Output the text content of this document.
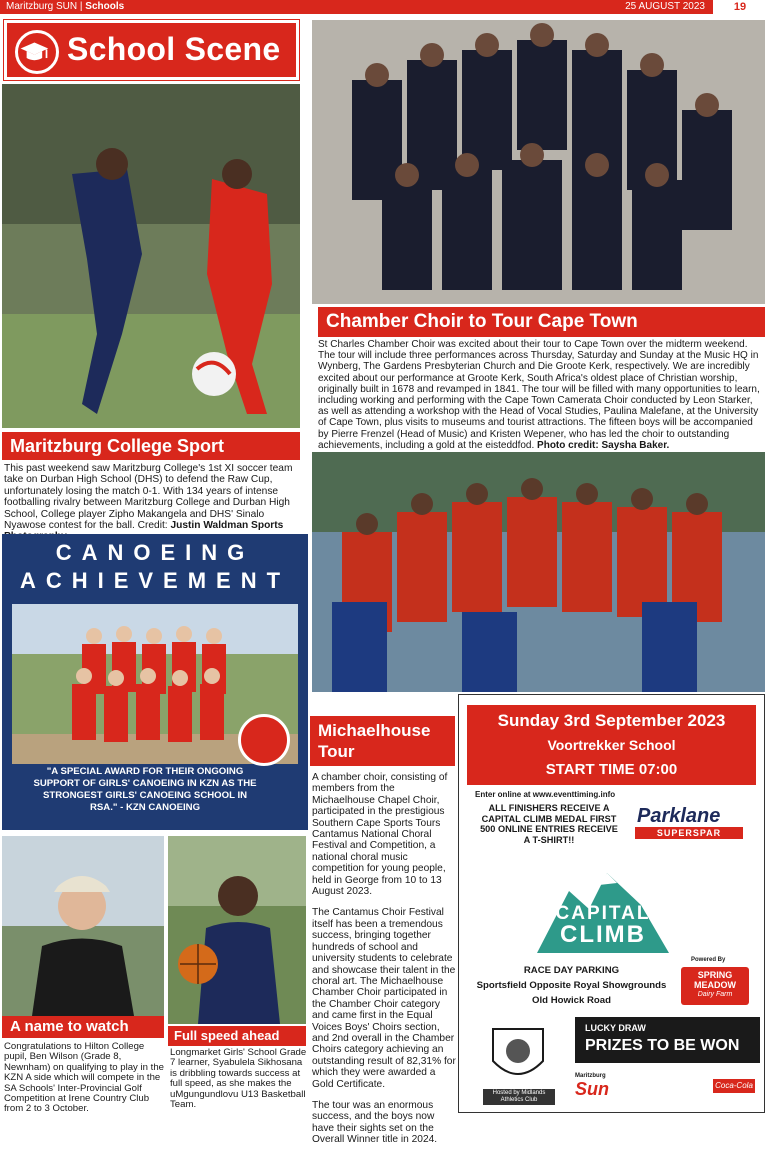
Maritzburg SUN | Schools	25 AUGUST 2023	19
School Scene
Maritzburg College Sport
This past weekend saw Maritzburg College's 1st XI soccer team take on Durban High School (DHS) to defend the Raw Cup, unfortunately losing the match 0-1. With 134 years of intense footballing rivalry between Maritzburg College and Durban High School, College player Zipho Makangela and DHS' Sinalo Nyawose contest for the ball. Credit: Justin Waldman Sports
CANOEING
ACHIEVEMENT
"A SPECIAL AWARD FOR THEIR ONGOING SUPPORT OF GIRLS' CANOEING IN KZN AS THE STRONGEST GIRLS' CANOEING SCHOOL IN RSA." - KZN CANOEING
A name to watch
Congratulations to Hilton College pupil, Ben Wilson (Grade 8, Newnham) on qualifying to play in the KZN A side which will compete in the SA Schools' Inter-Provincial Golf Competition at Irene Country Club from 2 to 3 October.
Full speed ahead
Longmarket Girls' School Grade 7 learner, Syabulela Sikhosana is dribbling towards success at full speed, as she makes the uMgungundlovu U13 Basketball Team.
Chamber Choir to Tour Cape Town
St Charles Chamber Choir was excited about their tour to Cape Town over the midterm weekend. The tour will include three performances across Thursday, Saturday and Sunday at the Music HQ in Wynberg, The Gardens Presbyterian Church and Die Groote Kerk, respectively. We are incredibly excited about our performance at Groote Kerk, South Africa's oldest place of Christian worship, originally built in 1678 and revamped in 1841. The tour will be filled with many opportunities to learn, including working and performing with the Cape Town Camerata Choir conducted by Leon Starker, as well as attending a workshop with the Head of Vocal Studies, Paulina Malefane, at the University of Cape Town, plus visits to museums and tourist attractions. The fifteen boys will be accompanied by Pierre Frenzel (Head of Music) and Kristen Wepener, who has led the choir to outstanding achievements, including a gold at the eisteddfod. Photo credit: Saysha Baker.
Michaelhouse Tour

A chamber choir, consisting of members from the Michaelhouse Chapel Choir, participated in the prestigious Southern Cape Sports Tours Cantamus National Choral Festival and Competition, a national choral music competition for young people, held in George from 10 to 13 August 2023.

The Cantamus Choir Festival itself has been a tremendous success, bringing together hundreds of school and university students to celebrate and showcase their talent in the choral art. The Michaelhouse Chamber Choir participated in the Chamber Choir category and came first in the Equal Voices Boys' Choirs section, and 2nd overall in the Chamber Choirs category achieving an outstanding result of 82,31% for which they were awarded a Gold Certificate.

The tour was an enormous success, and the boys now have their sights set on the Overall Winner title in 2024.

Sunday 3rd September 2023
Voortrekker School
START TIME 07:00
Enter online at www.eventtiming.info
ALL FINISHERS RECEIVE A CAPITAL CLIMB MEDAL FIRST 500 ONLINE ENTRIES RECEIVE A T-SHIRT!!
Parklane
SUPERSPAR
CAPITAL
CLIMB
Powered By
SPRING
MEADOW
Dairy Farm
RACE DAY PARKING
Sportsfield Opposite Royal Showgrounds
Old Howick Road
LUCKY DRAW
PRIZES TO BE WON
Hosted by Midlands Athletics Club
Maritzburg
Sun	Coca-Cola
